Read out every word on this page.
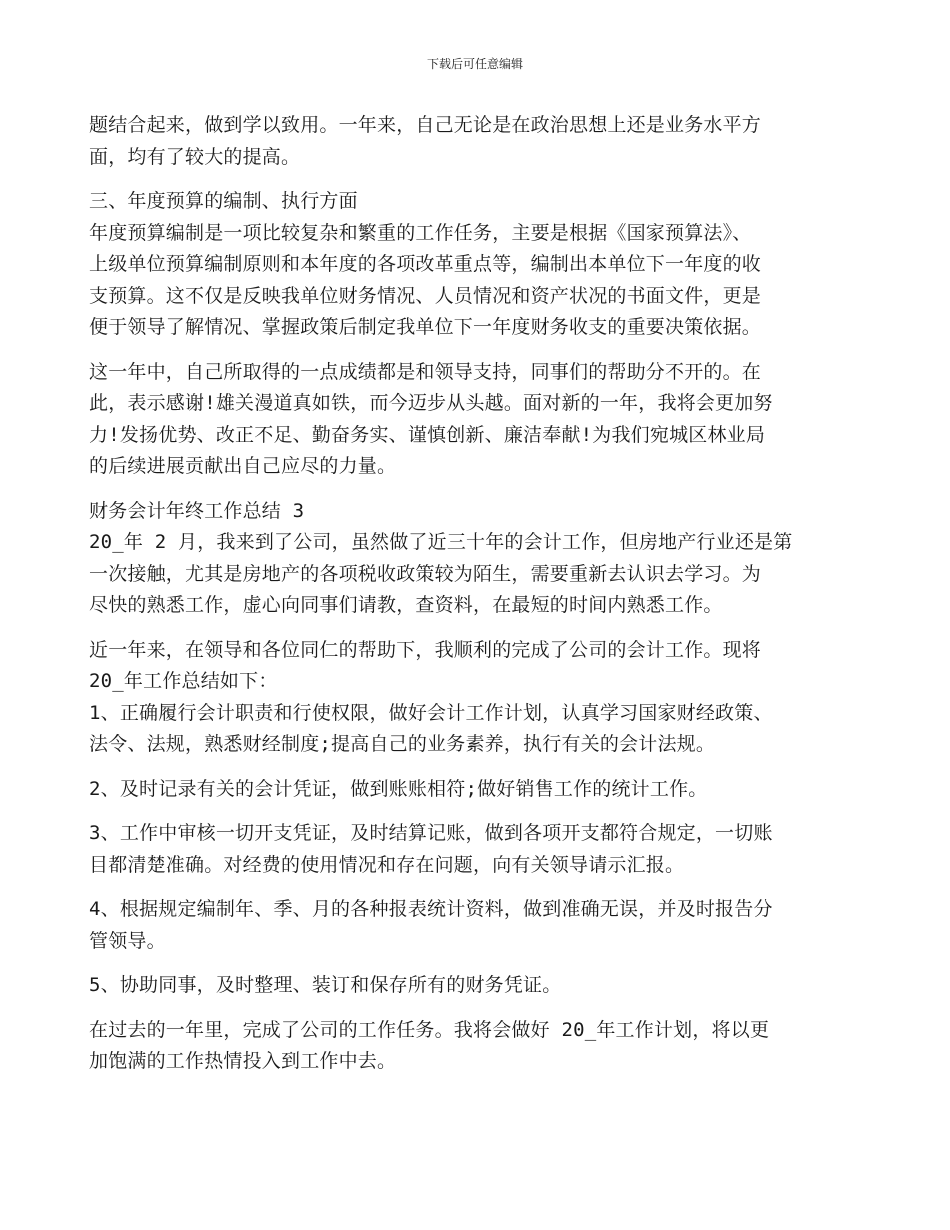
下载后可任意编辑
题结合起来，做到学以致用。一年来，自己无论是在政治思想上还是业务水平方
面，均有了较大的提高。
三、年度预算的编制、执行方面
年度预算编制是一项比较复杂和繁重的工作任务，主要是根据《国家预算法》、
上级单位预算编制原则和本年度的各项改革重点等，编制出本单位下一年度的收
支预算。这不仅是反映我单位财务情况、人员情况和资产状况的书面文件，更是
便于领导了解情况、掌握政策后制定我单位下一年度财务收支的重要决策依据。
这一年中，自己所取得的一点成绩都是和领导支持，同事们的帮助分不开的。在
此，表示感谢!雄关漫道真如铁，而今迈步从头越。面对新的一年，我将会更加努
力!发扬优势、改正不足、勤奋务实、谨慎创新、廉洁奉献!为我们宛城区林业局
的后续进展贡献出自己应尽的力量。
财务会计年终工作总结 3
20_年 2 月，我来到了公司，虽然做了近三十年的会计工作，但房地产行业还是第
一次接触，尤其是房地产的各项税收政策较为陌生，需要重新去认识去学习。为
尽快的熟悉工作，虚心向同事们请教，查资料，在最短的时间内熟悉工作。
近一年来，在领导和各位同仁的帮助下，我顺利的完成了公司的会计工作。现将
20_年工作总结如下：
1、正确履行会计职责和行使权限，做好会计工作计划，认真学习国家财经政策、
法令、法规，熟悉财经制度;提高自己的业务素养，执行有关的会计法规。
2、及时记录有关的会计凭证，做到账账相符;做好销售工作的统计工作。
3、工作中审核一切开支凭证，及时结算记账，做到各项开支都符合规定，一切账
目都清楚准确。对经费的使用情况和存在问题，向有关领导请示汇报。
4、根据规定编制年、季、月的各种报表统计资料，做到准确无误，并及时报告分
管领导。
5、协助同事，及时整理、装订和保存所有的财务凭证。
在过去的一年里，完成了公司的工作任务。我将会做好 20_年工作计划，将以更
加饱满的工作热情投入到工作中去。
